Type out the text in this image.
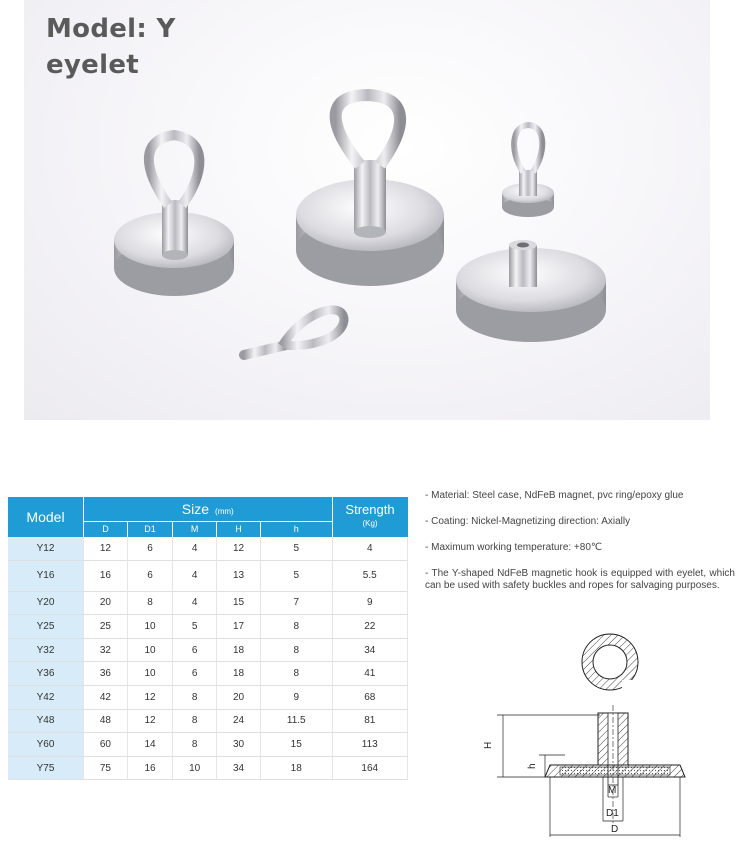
Model: Y
eyelet
Model	Size (mm)					Strength
(Kg)

	D	D1	M	H	h	
Y12	12	6	4	12	5	4
Y16	16	6	4	13	5	5.5
Y20	20	8	4	15	7	9
Y25	25	10	5	17	8	22
Y32	32	10	6	18	8	34
Y36	36	10	6	18	8	41
Y42	42	12	8	20	9	68
Y48	48	12	8	24	11.5	81
Y60	60	14	8	30	15	113
Y75	75	16	10	34	18	164

- Material: Steel case, NdFeB magnet, pvc ring/epoxy glue

- Coating: Nickel-Magnetizing direction: Axially

- Maximum working temperature: +80℃

- The Y-shaped NdFeB magnetic hook is equipped with eyelet, which can be used with safety buckles and ropes for salvaging purposes.

H
h
M
D1
D
